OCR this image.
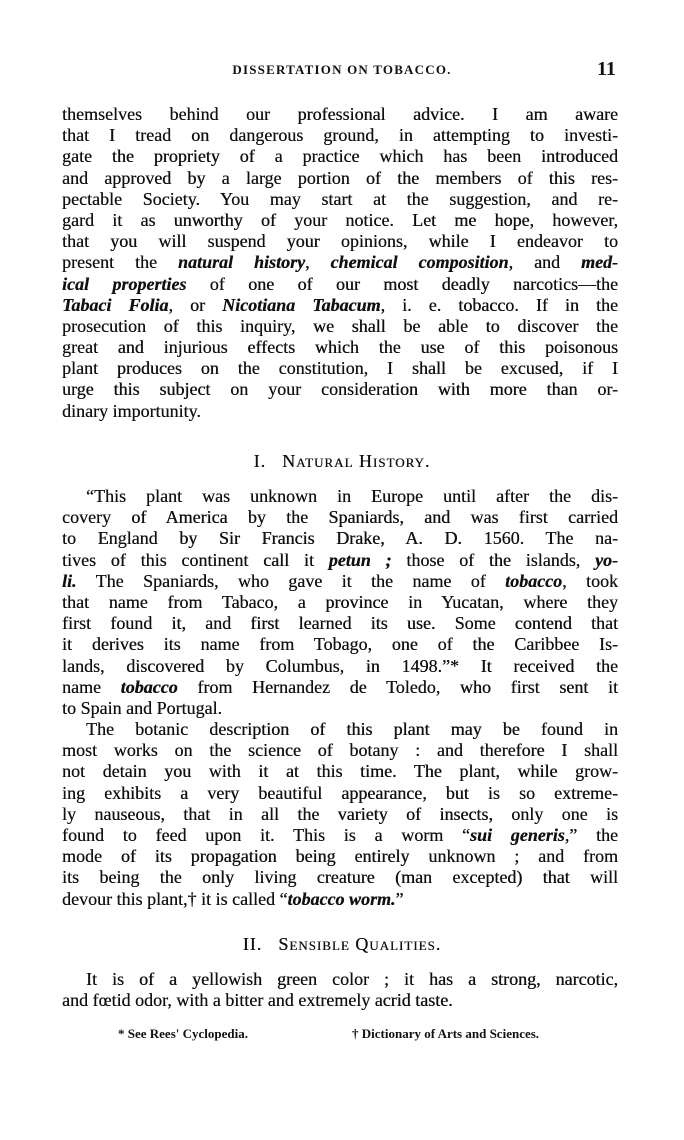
DISSERTATION ON TOBACCO.	11
themselves behind our professional advice. I am aware
that I tread on dangerous ground, in attempting to investi-
gate the propriety of a practice which has been introduced
and approved by a large portion of the members of this res-
pectable Society. You may start at the suggestion, and re-
gard it as unworthy of your notice. Let me hope, however,
that you will suspend your opinions, while I endeavor to
present the natural history, chemical composition, and med-
ical properties of one of our most deadly narcotics—the
Tabaci Folia, or Nicotiana Tabacum, i. e. tobacco. If in the
prosecution of this inquiry, we shall be able to discover the
great and injurious effects which the use of this poisonous
plant produces on the constitution, I shall be excused, if I
urge this subject on your consideration with more than or-
dinary importunity.
I. Natural History.
“This plant was unknown in Europe until after the dis-
covery of America by the Spaniards, and was first carried
to England by Sir Francis Drake, A. D. 1560. The na-
tives of this continent call it petun ; those of the islands, yo-
li. The Spaniards, who gave it the name of tobacco, took
that name from Tabaco, a province in Yucatan, where they
first found it, and first learned its use. Some contend that
it derives its name from Tobago, one of the Caribbee Is-
lands, discovered by Columbus, in 1498.”* It received the
name tobacco from Hernandez de Toledo, who first sent it
to Spain and Portugal.
The botanic description of this plant may be found in
most works on the science of botany : and therefore I shall
not detain you with it at this time. The plant, while grow-
ing exhibits a very beautiful appearance, but is so extreme-
ly nauseous, that in all the variety of insects, only one is
found to feed upon it. This is a worm “sui generis,” the
mode of its propagation being entirely unknown ; and from
its being the only living creature (man excepted) that will
devour this plant,† it is called “tobacco worm.”
II. Sensible Qualities.
It is of a yellowish green color ; it has a strong, narcotic,
and fœtid odor, with a bitter and extremely acrid taste.
* See Rees' Cyclopedia.	† Dictionary of Arts and Sciences.
